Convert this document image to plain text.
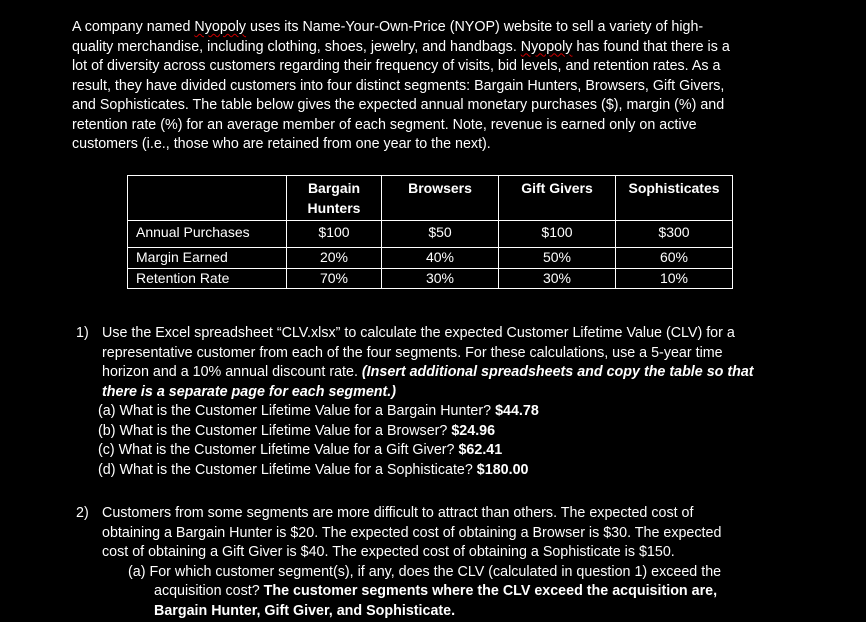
A company named Nyopoly uses its Name-Your-Own-Price (NYOP) website to sell a variety of high-

quality merchandise, including clothing, shoes, jewelry, and handbags. Nyopoly has found that there is a

lot of diversity across customers regarding their frequency of visits, bid levels, and retention rates. As a

result, they have divided customers into four distinct segments: Bargain Hunters, Browsers, Gift Givers,

and Sophisticates. The table below gives the expected annual monetary purchases ($), margin (%) and

retention rate (%) for an average member of each segment. Note, revenue is earned only on active

customers (i.e., those who are retained from one year to the next).

	Bargain Hunters	Browsers	Gift Givers	Sophisticates
Annual Purchases	$100	$50	$100	$300
Margin Earned	20%	40%	50%	60%
Retention Rate	70%	30%	30%	10%

1) Use the Excel spreadsheet “CLV.xlsx” to calculate the expected Customer Lifetime Value (CLV) for a

representative customer from each of the four segments. For these calculations, use a 5-year time

horizon and a 10% annual discount rate. (Insert additional spreadsheets and copy the table so that

there is a separate page for each segment.)

(a) What is the Customer Lifetime Value for a Bargain Hunter? $44.78

(b) What is the Customer Lifetime Value for a Browser? $24.96

(c) What is the Customer Lifetime Value for a Gift Giver? $62.41

(d) What is the Customer Lifetime Value for a Sophisticate? $180.00

2) Customers from some segments are more difficult to attract than others. The expected cost of

obtaining a Bargain Hunter is $20. The expected cost of obtaining a Browser is $30. The expected

cost of obtaining a Gift Giver is $40. The expected cost of obtaining a Sophisticate is $150.

(a) For which customer segment(s), if any, does the CLV (calculated in question 1) exceed the

acquisition cost? The customer segments where the CLV exceed the acquisition are,

Bargain Hunter, Gift Giver, and Sophisticate.
